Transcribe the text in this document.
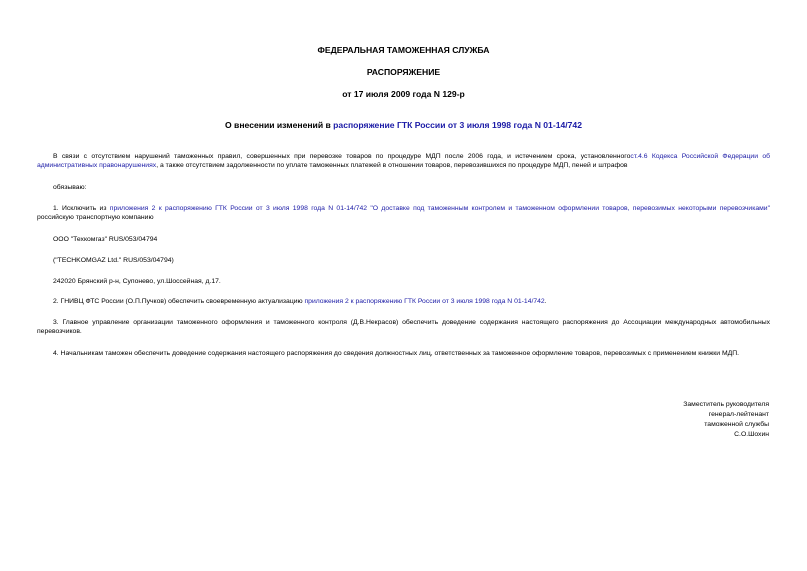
ФЕДЕРАЛЬНАЯ ТАМОЖЕННАЯ СЛУЖБА
РАСПОРЯЖЕНИЕ
от 17 июля 2009 года N 129-р
О внесении изменений в распоряжение ГТК России от 3 июля 1998 года N 01-14/742
В связи с отсутствием нарушений таможенных правил, совершенных при перевозке товаров по процедуре МДП после 2006 года, и истечением срока, установленногост.4.6 Кодекса Российской Федерации об административных правонарушениях, а также отсутствием задолженности по уплате таможенных платежей в отношении товаров, перевозившихся по процедуре МДП, пеней и штрафов
обязываю:
1. Исключить из приложения 2 к распоряжению ГТК России от 3 июля 1998 года N 01-14/742 "О доставке под таможенным контролем и таможенном оформлении товаров, перевозимых некоторыми перевозчиками" российскую транспортную компанию
ООО "Техкомгаз" RUS/053/04794
("TECHKOMGAZ Ltd." RUS/053/04794)
242020 Брянский р-н, Супонево, ул.Шоссейная, д.17.
2. ГНИВЦ ФТС России (О.П.Пучков) обеспечить своевременную актуализацию приложения 2 к распоряжению ГТК России от 3 июля 1998 года N 01-14/742.
3. Главное управление организации таможенного оформления и таможенного контроля (Д.В.Некрасов) обеспечить доведение содержания настоящего распоряжения до Ассоциации международных автомобильных перевозчиков.
4. Начальникам таможен обеспечить доведение содержания настоящего распоряжения до сведения должностных лиц, ответственных за таможенное оформление товаров, перевозимых с применением книжки МДП.
Заместитель руководителя
генерал-лейтенант
таможенной службы
С.О.Шохин
